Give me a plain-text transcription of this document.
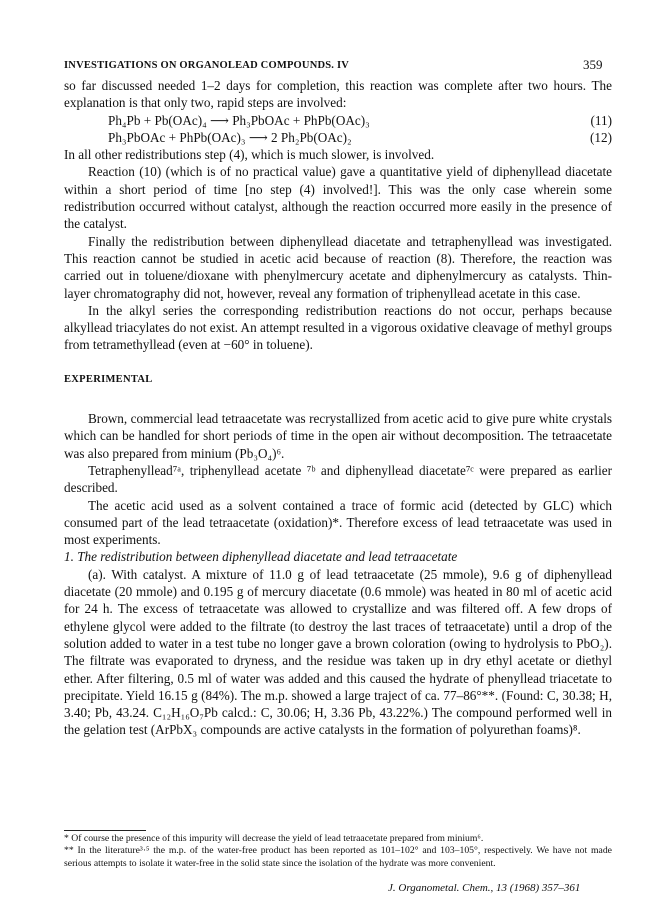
INVESTIGATIONS ON ORGANOLEAD COMPOUNDS. IV	359

so far discussed needed 1–2 days for completion, this reaction was complete after two hours. The explanation is that only two, rapid steps are involved:

Ph₄Pb + Pb(OAc)₄ ⟶ Ph₃PbOAc + PhPb(OAc)₃	(11)
Ph₃PbOAc + PhPb(OAc)₃ ⟶ 2 Ph₂Pb(OAc)₂	(12)

In all other redistributions step (4), which is much slower, is involved.

Reaction (10) (which is of no practical value) gave a quantitative yield of diphenyllead diacetate within a short period of time [no step (4) involved!]. This was the only case wherein some redistribution occurred without catalyst, although the reaction occurred more easily in the presence of the catalyst.

Finally the redistribution between diphenyllead diacetate and tetraphenyllead was investigated. This reaction cannot be studied in acetic acid because of reaction (8). Therefore, the reaction was carried out in toluene/dioxane with phenylmercury acetate and diphenylmercury as catalysts. Thin-layer chromatography did not, however, reveal any formation of triphenyllead acetate in this case.

In the alkyl series the corresponding redistribution reactions do not occur, perhaps because alkyllead triacylates do not exist. An attempt resulted in a vigorous oxidative cleavage of methyl groups from tetramethyllead (even at −60° in toluene).

EXPERIMENTAL

Brown, commercial lead tetraacetate was recrystallized from acetic acid to give pure white crystals which can be handled for short periods of time in the open air without decomposition. The tetraacetate was also prepared from minium (Pb₃O₄)⁶.

Tetraphenyllead⁷ᵃ, triphenyllead acetate ⁷ᵇ and diphenyllead diacetate⁷ᶜ were prepared as earlier described.

The acetic acid used as a solvent contained a trace of formic acid (detected by GLC) which consumed part of the lead tetraacetate (oxidation)*. Therefore excess of lead tetraacetate was used in most experiments.

1. The redistribution between diphenyllead diacetate and lead tetraacetate

(a). With catalyst. A mixture of 11.0 g of lead tetraacetate (25 mmole), 9.6 g of diphenyllead diacetate (20 mmole) and 0.195 g of mercury diacetate (0.6 mmole) was heated in 80 ml of acetic acid for 24 h. The excess of tetraacetate was allowed to crystallize and was filtered off. A few drops of ethylene glycol were added to the filtrate (to destroy the last traces of tetraacetate) until a drop of the solution added to water in a test tube no longer gave a brown coloration (owing to hydrolysis to PbO₂). The filtrate was evaporated to dryness, and the residue was taken up in dry ethyl acetate or diethyl ether. After filtering, 0.5 ml of water was added and this caused the hydrate of phenyllead triacetate to precipitate. Yield 16.15 g (84%). The m.p. showed a large traject of ca. 77–86°**. (Found: C, 30.38; H, 3.40; Pb, 43.24. C₁₂H₁₆O₇Pb calcd.: C, 30.06; H, 3.36 Pb, 43.22%.) The compound performed well in the gelation test (ArPbX₃ compounds are active catalysts in the formation of polyurethan foams)⁸.

* Of course the presence of this impurity will decrease the yield of lead tetraacetate prepared from minium⁶.

** In the literature³·⁵ the m.p. of the water-free product has been reported as 101–102° and 103–105°, respectively. We have not made serious attempts to isolate it water-free in the solid state since the isolation of the hydrate was more convenient.

J. Organometal. Chem., 13 (1968) 357–361
